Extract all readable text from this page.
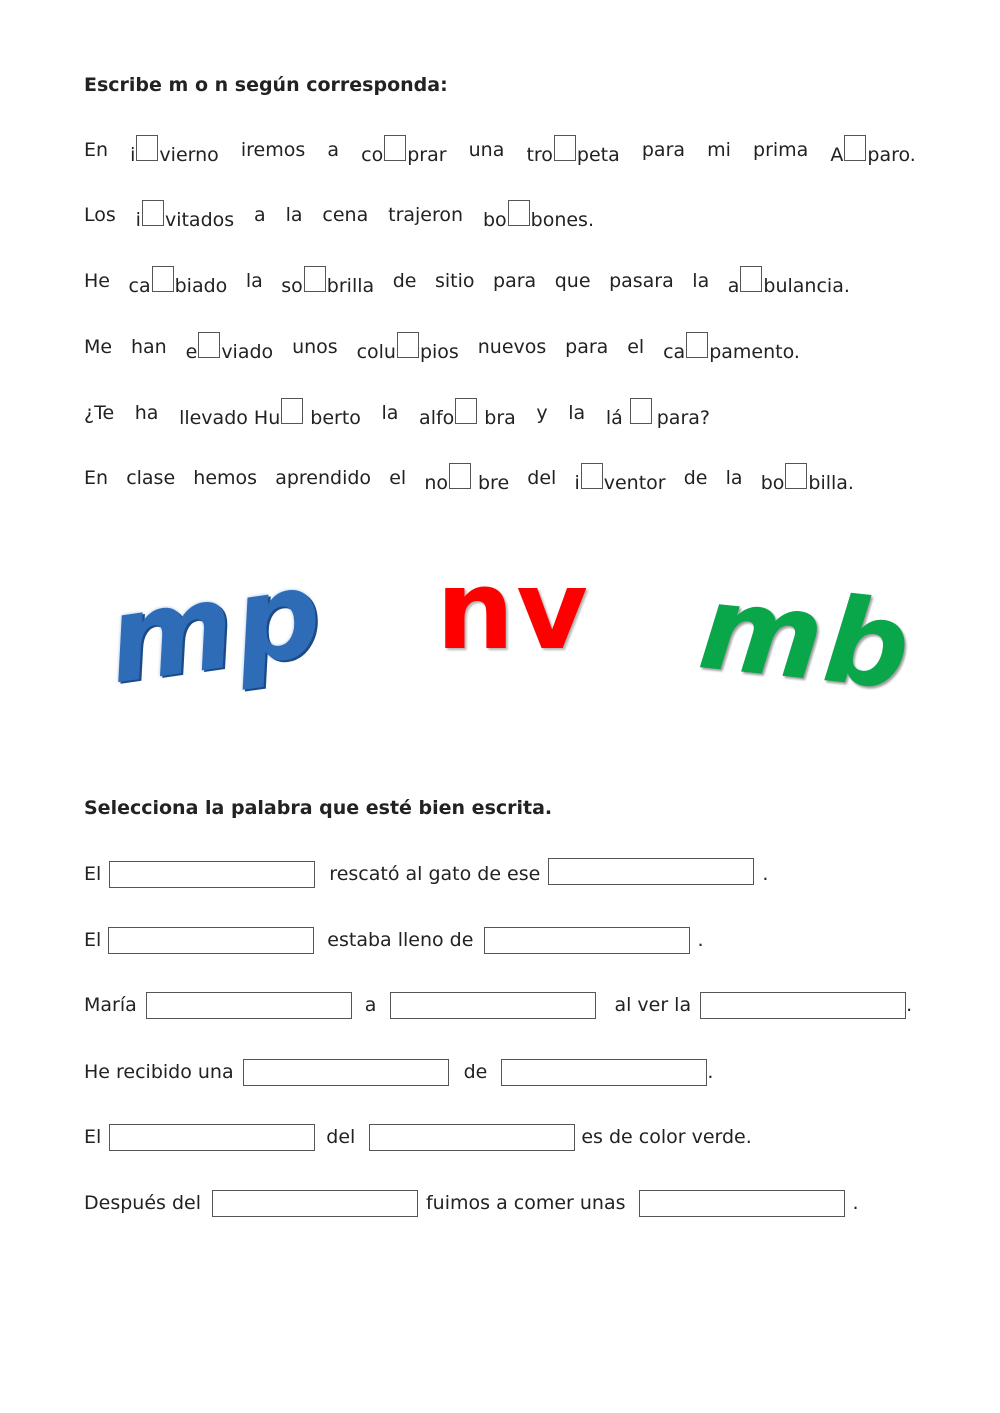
Escribe m o n según corresponda:
En i vierno iremos a co prar una tro peta para mi prima A paro.
Los i vitados a la cena trajeron bo bones.
He ca biado la so brilla de sitio para que pasara la a bulancia.
Me han e viado unos colu pios nuevos para el ca pamento.
¿Te ha llevado Hu berto la alfo bra y la lá para?
En clase hemos aprendido el no bre del i ventor de la bo billa.
mp nv mb
Selecciona la palabra que esté bien escrita.
El	rescató al gato de ese	.
El	estaba lleno de	.
María	a	al ver la	.
He recibido una	de	.
El	del	es de color verde.
Después del	fuimos a comer unas	.
